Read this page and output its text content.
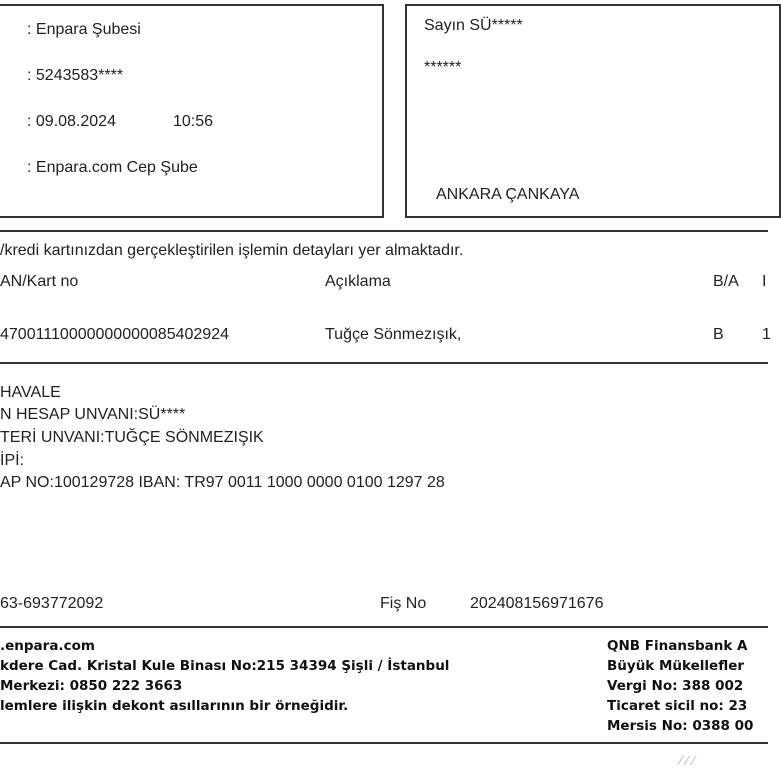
: Enpara Şubesi
: 5243583****
: 09.08.2024	10:56
: Enpara.com Cep Şube
Sayın SÜ*****
******
ANKARA ÇANKAYA
/kredi kartınızdan gerçekleştirilen işlemin detayları yer almaktadır.
AN/Kart no	Açıklama	B/A I
47001110000000000085402924	Tuğçe Sönmezışık,	B 1
HAVALE
N HESAP UNVANI:SÜ****
TERİ UNVANI:TUĞÇE SÖNMEZIŞIK
İPİ:
AP NO:100129728 IBAN: TR97 0011 1000 0000 0100 1297 28
63-693772092	Fiş No	202408156971676
.enpara.com
kdere Cad. Kristal Kule Binası No:215 34394 Şişli / İstanbul
Merkezi: 0850 222 3663
lemlere ilişkin dekont asıllarının bir örneğidir.
QNB Finansbank A
Büyük Mükellefler
Vergi No: 388 002
Ticaret sicil no: 23
Mersis No: 0388 00
⁄ ⁄ ⁄
